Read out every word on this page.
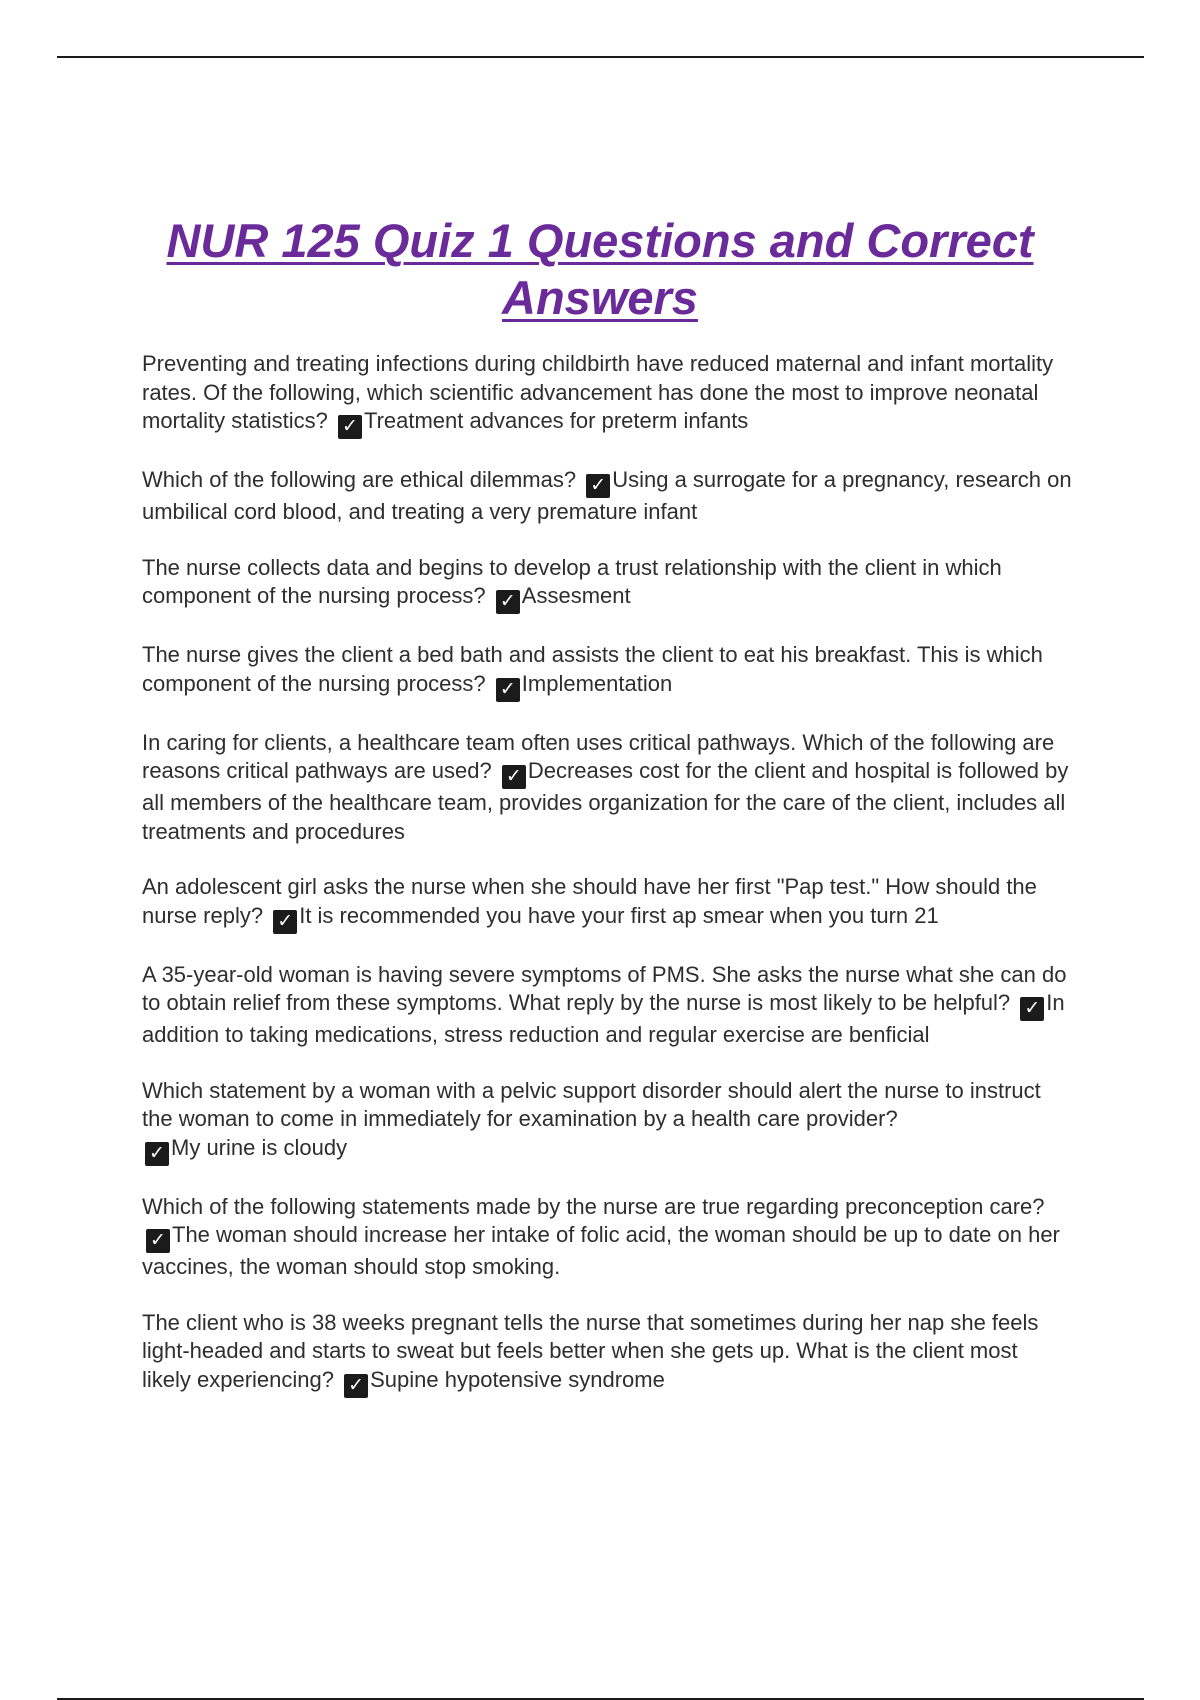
NUR 125 Quiz 1 Questions and Correct
Answers

Preventing and treating infections during childbirth have reduced maternal and infant mortality rates. Of the following, which scientific advancement has done the most to improve neonatal mortality statistics? ✓ Treatment advances for preterm infants

Which of the following are ethical dilemmas? ✓ Using a surrogate for a pregnancy, research on umbilical cord blood, and treating a very premature infant

The nurse collects data and begins to develop a trust relationship with the client in which component of the nursing process? ✓ Assesment

The nurse gives the client a bed bath and assists the client to eat his breakfast. This is which component of the nursing process? ✓ Implementation

In caring for clients, a healthcare team often uses critical pathways. Which of the following are reasons critical pathways are used? ✓ Decreases cost for the client and hospital is followed by all members of the healthcare team, provides organization for the care of the client, includes all treatments and procedures

An adolescent girl asks the nurse when she should have her first "Pap test." How should the nurse reply? ✓ It is recommended you have your first ap smear when you turn 21

A 35-year-old woman is having severe symptoms of PMS. She asks the nurse what she can do to obtain relief from these symptoms. What reply by the nurse is most likely to be helpful? ✓ In addition to taking medications, stress reduction and regular exercise are benficial

Which statement by a woman with a pelvic support disorder should alert the nurse to instruct the woman to come in immediately for examination by a health care provider?
✓ My urine is cloudy

Which of the following statements made by the nurse are true regarding preconception care? ✓ The woman should increase her intake of folic acid, the woman should be up to date on her vaccines, the woman should stop smoking.

The client who is 38 weeks pregnant tells the nurse that sometimes during her nap she feels light-headed and starts to sweat but feels better when she gets up. What is the client most likely experiencing? ✓ Supine hypotensive syndrome
